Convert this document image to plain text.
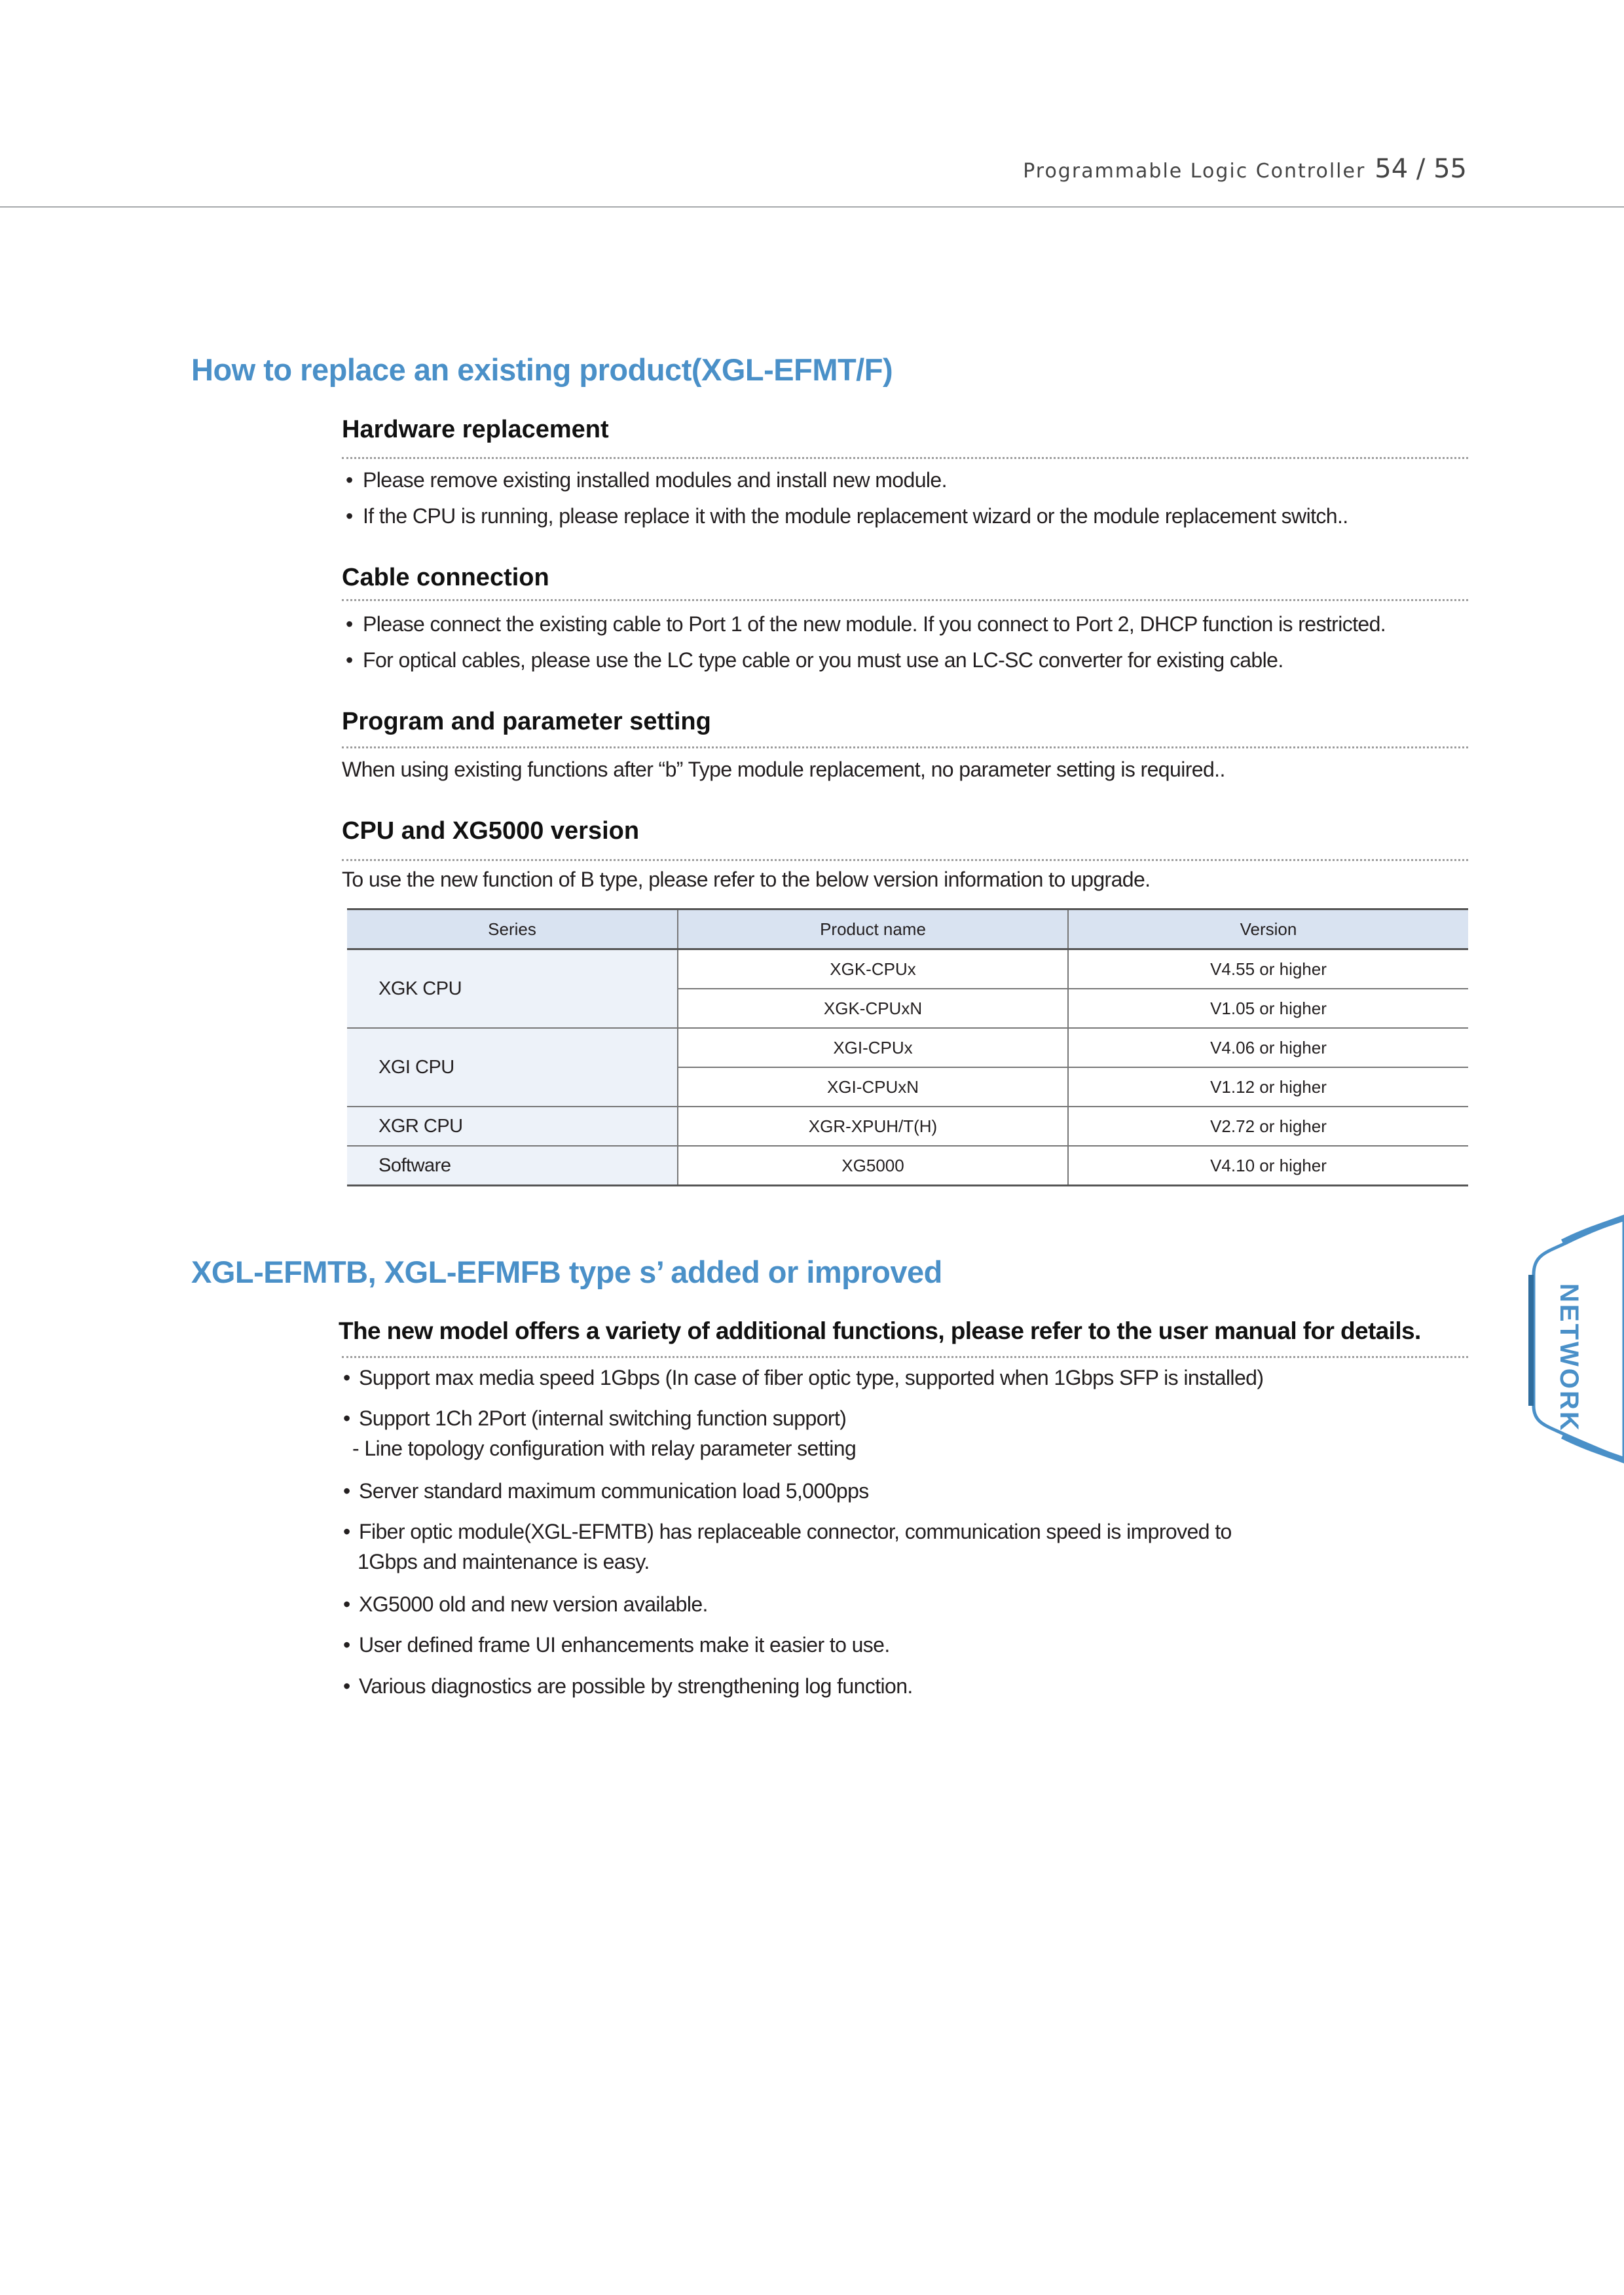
Programmable Logic Controller 54 / 55
How to replace an existing product(XGL-EFMT/F)
Hardware replacement
• Please remove existing installed modules and install new module.
• If the CPU is running, please replace it with the module replacement wizard or the module replacement switch..
Cable connection
• Please connect the existing cable to Port 1 of the new module. If you connect to Port 2, DHCP function is restricted.
• For optical cables, please use the LC type cable or you must use an LC-SC converter for existing cable.
Program and parameter setting
When using existing functions after “b” Type module replacement, no parameter setting is required..
CPU and XG5000 version
To use the new function of B type, please refer to the below version information to upgrade.
Series	Product name	Version
XGK CPU	XGK-CPUx	V4.55 or higher
	XGK-CPUxN	V1.05 or higher
XGI CPU	XGI-CPUx	V4.06 or higher
	XGI-CPUxN	V1.12 or higher
XGR CPU	XGR-XPUH/T(H)	V2.72 or higher
Software	XG5000	V4.10 or higher
XGL-EFMTB, XGL-EFMFB type s’ added or improved
The new model offers a variety of additional functions, please refer to the user manual for details.
• Support max media speed 1Gbps (In case of fiber optic type, supported when 1Gbps SFP is installed)
• Support 1Ch 2Port (internal switching function support)
- Line topology configuration with relay parameter setting
• Server standard maximum communication load 5,000pps
• Fiber optic module(XGL-EFMTB) has replaceable connector, communication speed is improved to
1Gbps and maintenance is easy.
• XG5000 old and new version available.
• User defined frame UI enhancements make it easier to use.
• Various diagnostics are possible by strengthening log function.
NETWORK
